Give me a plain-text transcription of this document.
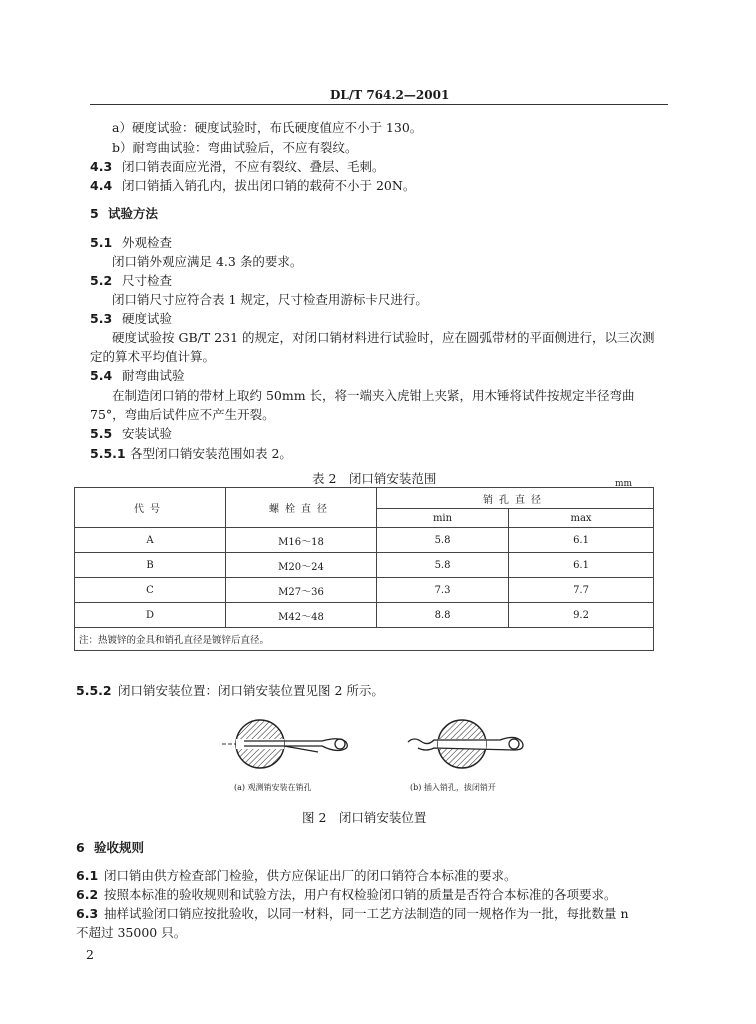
DL/T 764.2—2001
a）硬度试验：硬度试验时，布氏硬度值应不小于 130。
b）耐弯曲试验：弯曲试验后，不应有裂纹。
4.3 闭口销表面应光滑，不应有裂纹、叠层、毛刺。
4.4 闭口销插入销孔内，拔出闭口销的载荷不小于 20N。
5 试验方法
5.1 外观检查
闭口销外观应满足 4.3 条的要求。
5.2 尺寸检查
闭口销尺寸应符合表 1 规定，尺寸检查用游标卡尺进行。
5.3 硬度试验
硬度试验按 GB/T 231 的规定，对闭口销材料进行试验时，应在圆弧带材的平面侧进行，以三次测
定的算术平均值计算。
5.4 耐弯曲试验
在制造闭口销的带材上取约 50mm 长，将一端夹入虎钳上夹紧，用木锤将试件按规定半径弯曲
75°，弯曲后试件应不产生开裂。
5.5 安装试验
5.5.1 各型闭口销安装范围如表 2。
表 2　闭口销安装范围	mm
代号	螺栓直径	销孔直径	
		min	max
A	M16～18	5.8	6.1
B	M20～24	5.8	6.1
C	M27～36	7.3	7.7
D	M42～48	8.8	9.2
注：热镀锌的金具和销孔直径是镀锌后直径。			
5.5.2 闭口销安装位置：闭口销安装位置见图 2 所示。
(a) 观测销安装在销孔	(b) 插入销孔，拔闭销开
图 2　闭口销安装位置
6 验收规则
6.1 闭口销由供方检查部门检验，供方应保证出厂的闭口销符合本标准的要求。
6.2 按照本标准的验收规则和试验方法，用户有权检验闭口销的质量是否符合本标准的各项要求。
6.3 抽样试验闭口销应按批验收，以同一材料，同一工艺方法制造的同一规格作为一批，每批数量 n
不超过 35000 只。
2
